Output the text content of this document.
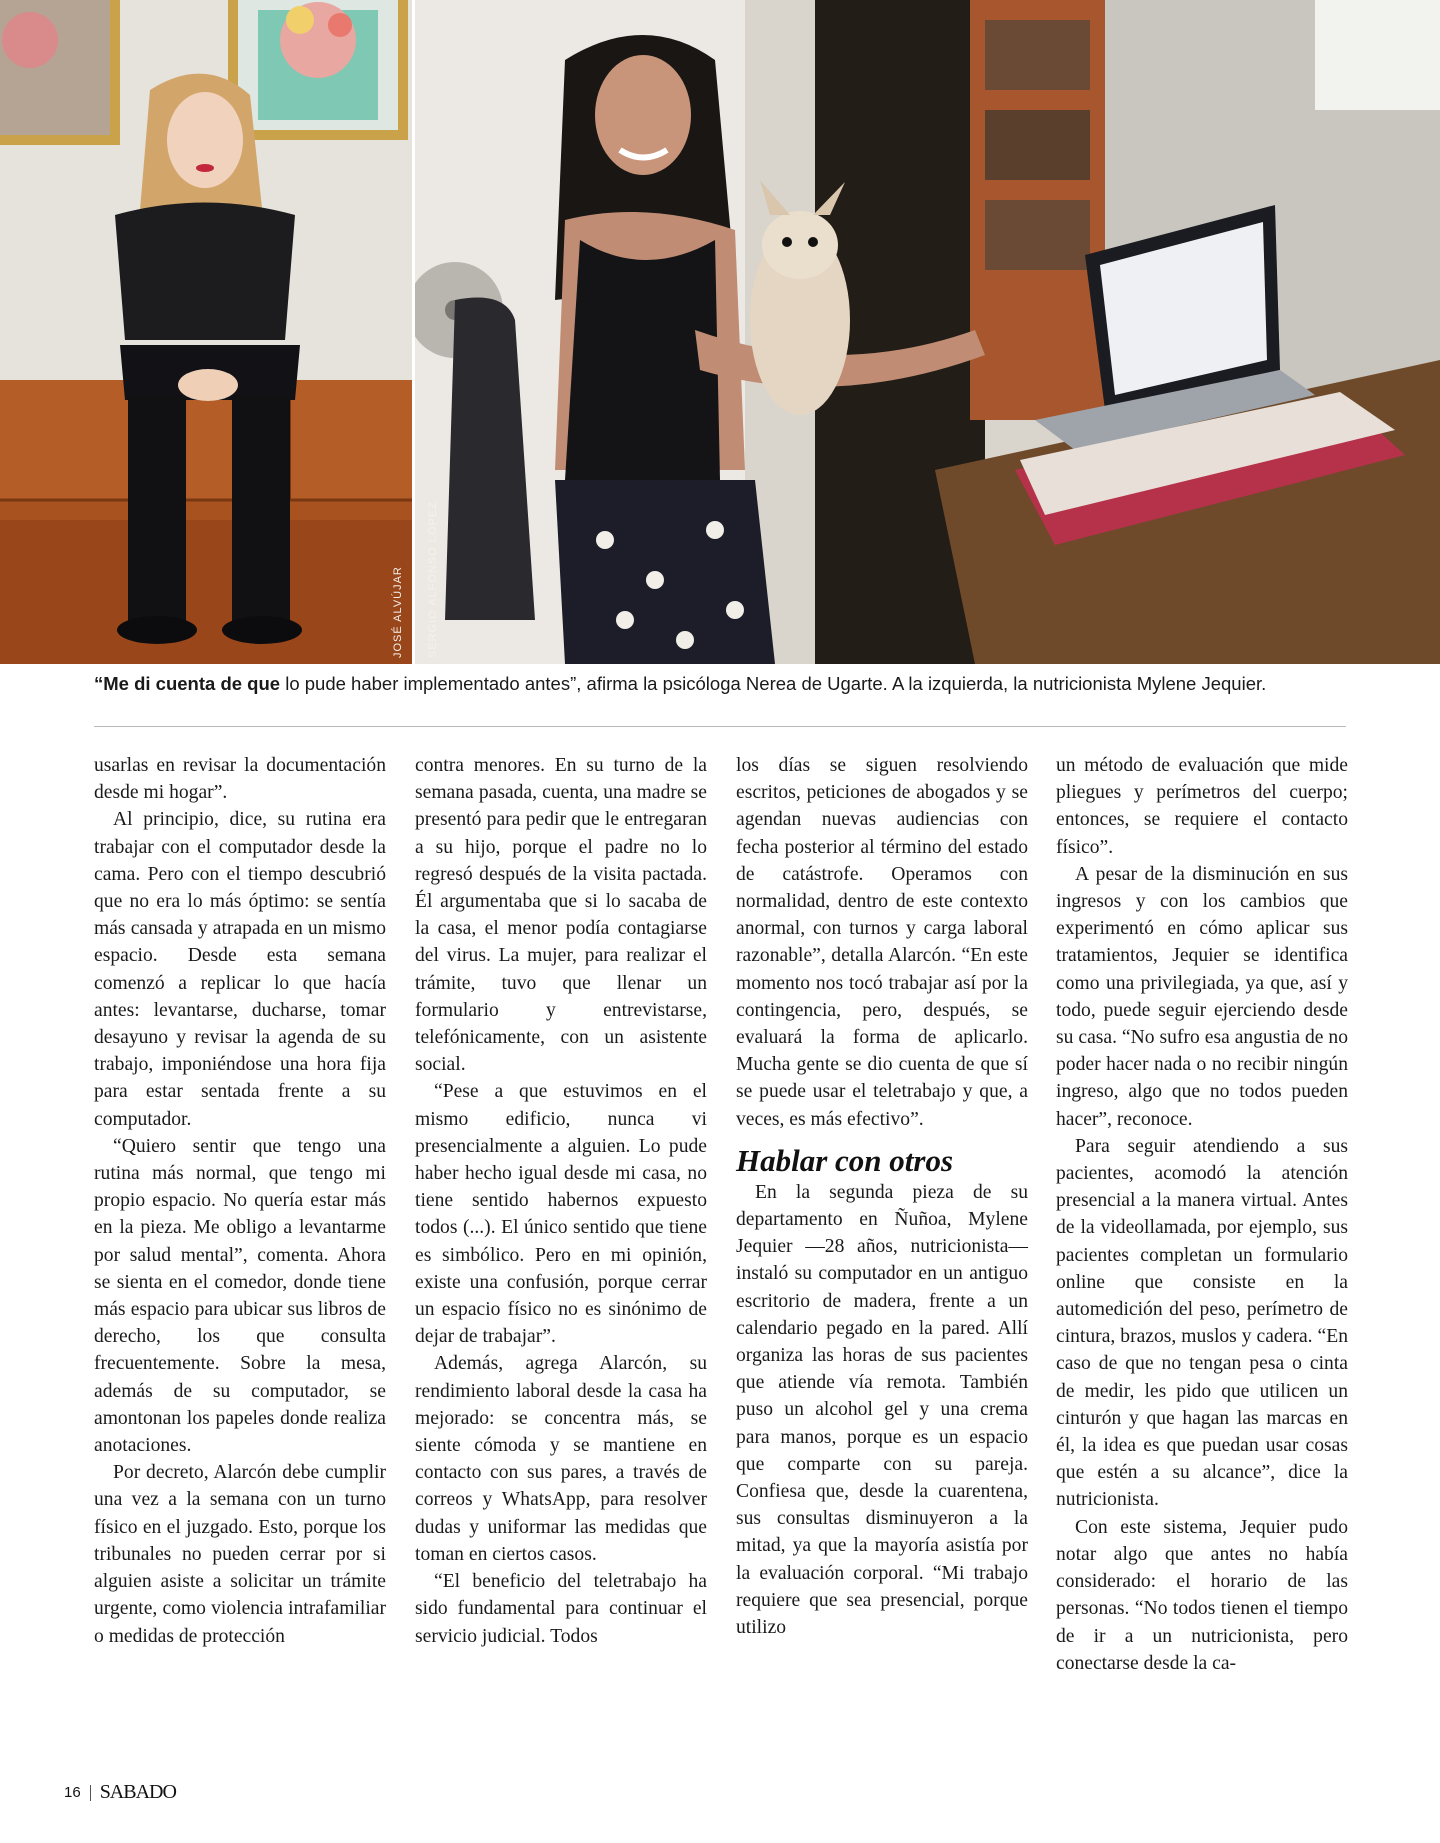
JOSÉ ALVÚJAR SERGIO ALFONSO LÓPEZ
“Me di cuenta de que lo pude haber implementado antes”, afirma la psicóloga Nerea de Ugarte. A la izquierda, la nutricionista Mylene Jequier.

usarlas en revisar la documentación desde mi hogar”.

Al principio, dice, su rutina era trabajar con el computador desde la cama. Pero con el tiempo descubrió que no era lo más óptimo: se sentía más cansada y atrapada en un mismo espacio. Desde esta semana comenzó a replicar lo que hacía antes: levantarse, ducharse, tomar desayuno y revisar la agenda de su trabajo, imponiéndose una hora fija para estar sentada frente a su computador.

“Quiero sentir que tengo una rutina más normal, que tengo mi propio espacio. No quería estar más en la pieza. Me obligo a levantarme por salud mental”, comenta. Ahora se sienta en el comedor, donde tiene más espacio para ubicar sus libros de derecho, los que consulta frecuentemente. Sobre la mesa, además de su computador, se amontonan los papeles donde realiza anotaciones.

Por decreto, Alarcón debe cumplir una vez a la semana con un turno físico en el juzgado. Esto, porque los tribunales no pueden cerrar por si alguien asiste a solicitar un trámite urgente, como violencia intrafamiliar o medidas de protección

contra menores. En su turno de la semana pasada, cuenta, una madre se presentó para pedir que le entregaran a su hijo, porque el padre no lo regresó después de la visita pactada. Él argumentaba que si lo sacaba de la casa, el menor podía contagiarse del virus. La mujer, para realizar el trámite, tuvo que llenar un formulario y entrevistarse, telefónicamente, con un asistente social.

“Pese a que estuvimos en el mismo edificio, nunca vi presencialmente a alguien. Lo pude haber hecho igual desde mi casa, no tiene sentido habernos expuesto todos (...). El único sentido que tiene es simbólico. Pero en mi opinión, existe una confusión, porque cerrar un espacio físico no es sinónimo de dejar de trabajar”.

Además, agrega Alarcón, su rendimiento laboral desde la casa ha mejorado: se concentra más, se siente cómoda y se mantiene en contacto con sus pares, a través de correos y WhatsApp, para resolver dudas y uniformar las medidas que toman en ciertos casos.

“El beneficio del teletrabajo ha sido fundamental para continuar el servicio judicial. Todos

los días se siguen resolviendo escritos, peticiones de abogados y se agendan nuevas audiencias con fecha posterior al término del estado de catástrofe. Operamos con normalidad, dentro de este contexto anormal, con turnos y carga laboral razonable”, detalla Alarcón. “En este momento nos tocó trabajar así por la contingencia, pero, después, se evaluará la forma de aplicarlo. Mucha gente se dio cuenta de que sí se puede usar el teletrabajo y que, a veces, es más efectivo”.

Hablar con otros

En la segunda pieza de su departamento en Ñuñoa, Mylene Jequier —28 años, nutricionista— instaló su computador en un antiguo escritorio de madera, frente a un calendario pegado en la pared. Allí organiza las horas de sus pacientes que atiende vía remota. También puso un alcohol gel y una crema para manos, porque es un espacio que comparte con su pareja. Confiesa que, desde la cuarentena, sus consultas disminuyeron a la mitad, ya que la mayoría asistía por la evaluación corporal. “Mi trabajo requiere que sea presencial, porque utilizo

un método de evaluación que mide pliegues y perímetros del cuerpo; entonces, se requiere el contacto físico”.

A pesar de la disminución en sus ingresos y con los cambios que experimentó en cómo aplicar sus tratamientos, Jequier se identifica como una privilegiada, ya que, así y todo, puede seguir ejerciendo desde su casa. “No sufro esa angustia de no poder hacer nada o no recibir ningún ingreso, algo que no todos pueden hacer”, reconoce.

Para seguir atendiendo a sus pacientes, acomodó la atención presencial a la manera virtual. Antes de la videollamada, por ejemplo, sus pacientes completan un formulario online que consiste en la automedición del peso, perímetro de cintura, brazos, muslos y cadera. “En caso de que no tengan pesa o cinta de medir, les pido que utilicen un cinturón y que hagan las marcas en él, la idea es que puedan usar cosas que estén a su alcance”, dice la nutricionista.

Con este sistema, Jequier pudo notar algo que antes no había considerado: el horario de las personas. “No todos tienen el tiempo de ir a un nutricionista, pero conectarse desde la ca-

16 SABADO
